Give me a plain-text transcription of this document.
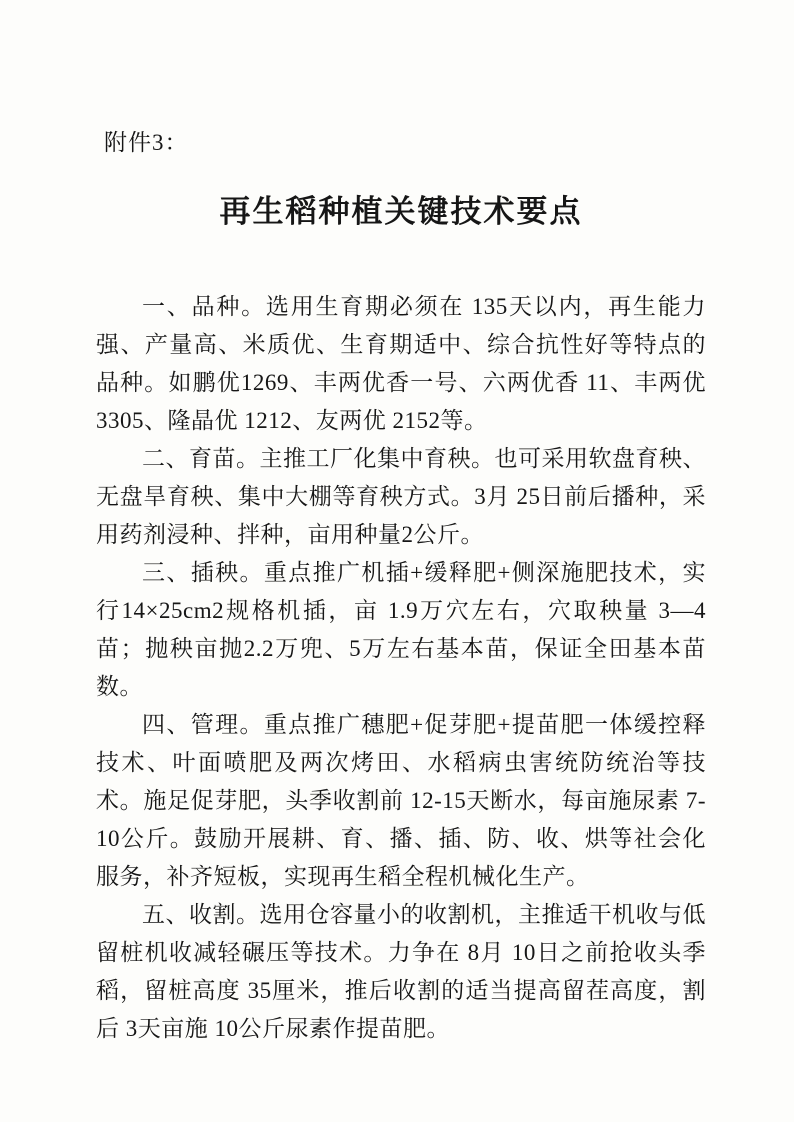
附件3：
再生稻种植关键技术要点

一、品种。选用生育期必须在 135天以内，再生能力强、产量高、米质优、生育期适中、综合抗性好等特点的品种。如鹏优1269、丰两优香一号、六两优香 11、丰两优 3305、隆晶优 1212、友两优 2152等。

二、育苗。主推工厂化集中育秧。也可采用软盘育秧、无盘旱育秧、集中大棚等育秧方式。3月 25日前后播种，采用药剂浸种、拌种，亩用种量2公斤。

三、插秧。重点推广机插+缓释肥+侧深施肥技术，实行14×25cm2规格机插，亩 1.9万穴左右，穴取秧量 3—4苗；抛秧亩抛2.2万兜、5万左右基本苗，保证全田基本苗数。

四、管理。重点推广穗肥+促芽肥+提苗肥一体缓控释技术、叶面喷肥及两次烤田、水稻病虫害统防统治等技术。施足促芽肥，头季收割前 12-15天断水，每亩施尿素 7-10公斤。鼓励开展耕、育、播、插、防、收、烘等社会化服务，补齐短板，实现再生稻全程机械化生产。

五、收割。选用仓容量小的收割机，主推适干机收与低留桩机收减轻碾压等技术。力争在 8月 10日之前抢收头季稻，留桩高度 35厘米，推后收割的适当提高留茬高度，割后 3天亩施 10公斤尿素作提苗肥。
